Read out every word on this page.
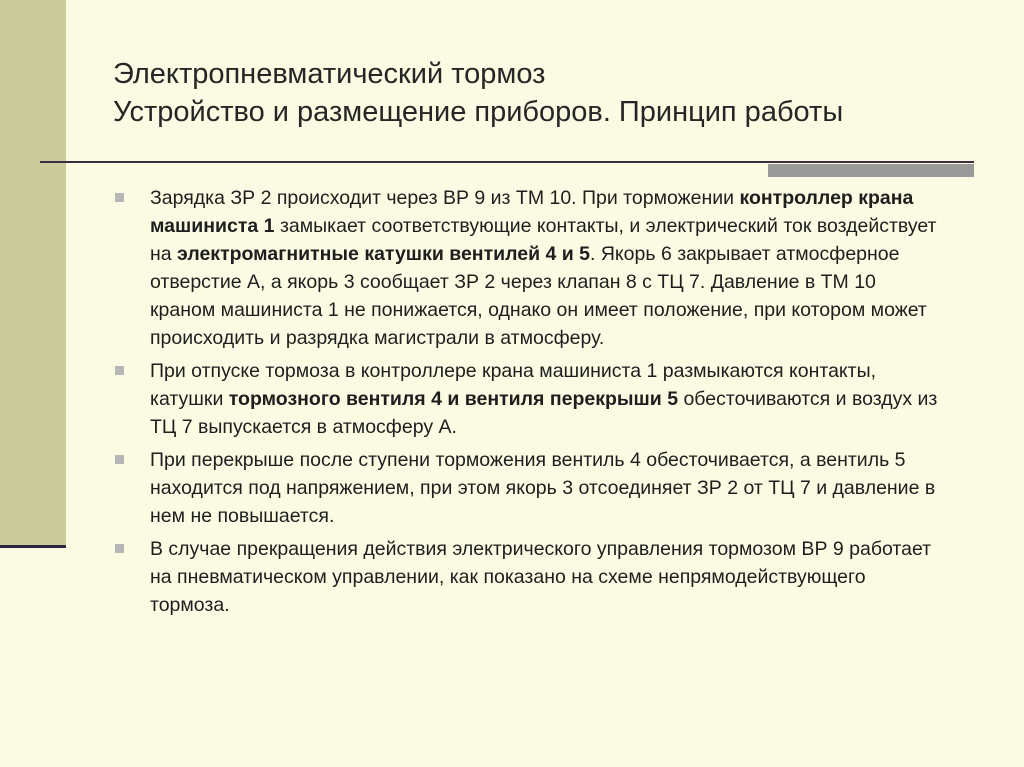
Электропневматический тормоз
Устройство и размещение приборов. Принцип работы
Зарядка ЗР 2 происходит через ВР 9 из ТМ 10. При торможении контроллер крана машиниста 1 замыкает соответствующие контакты, и электрический ток воздействует на электромагнитные катушки вентилей 4 и 5. Якорь 6 закрывает атмосферное отверстие А, а якорь 3 сообщает ЗР 2 через клапан 8 с ТЦ 7. Давление в ТМ 10 краном машиниста 1 не понижается, однако он имеет положение, при котором может происходить и разрядка магистрали в атмосферу.
При отпуске тормоза в контроллере крана машиниста 1 размыкаются контакты, катушки тормозного вентиля 4 и вентиля перекрыши 5 обесточиваются и воздух из ТЦ 7 выпускается в атмосферу А.
При перекрыше после ступени торможения вентиль 4 обесточивается, а вентиль 5 находится под напряжением, при этом якорь 3 отсоединяет ЗР 2 от ТЦ 7 и давление в нем не повышается.
В случае прекращения действия электрического управления тормозом ВР 9 работает на пневматическом управлении, как показано на схеме непрямодействующего тормоза.
